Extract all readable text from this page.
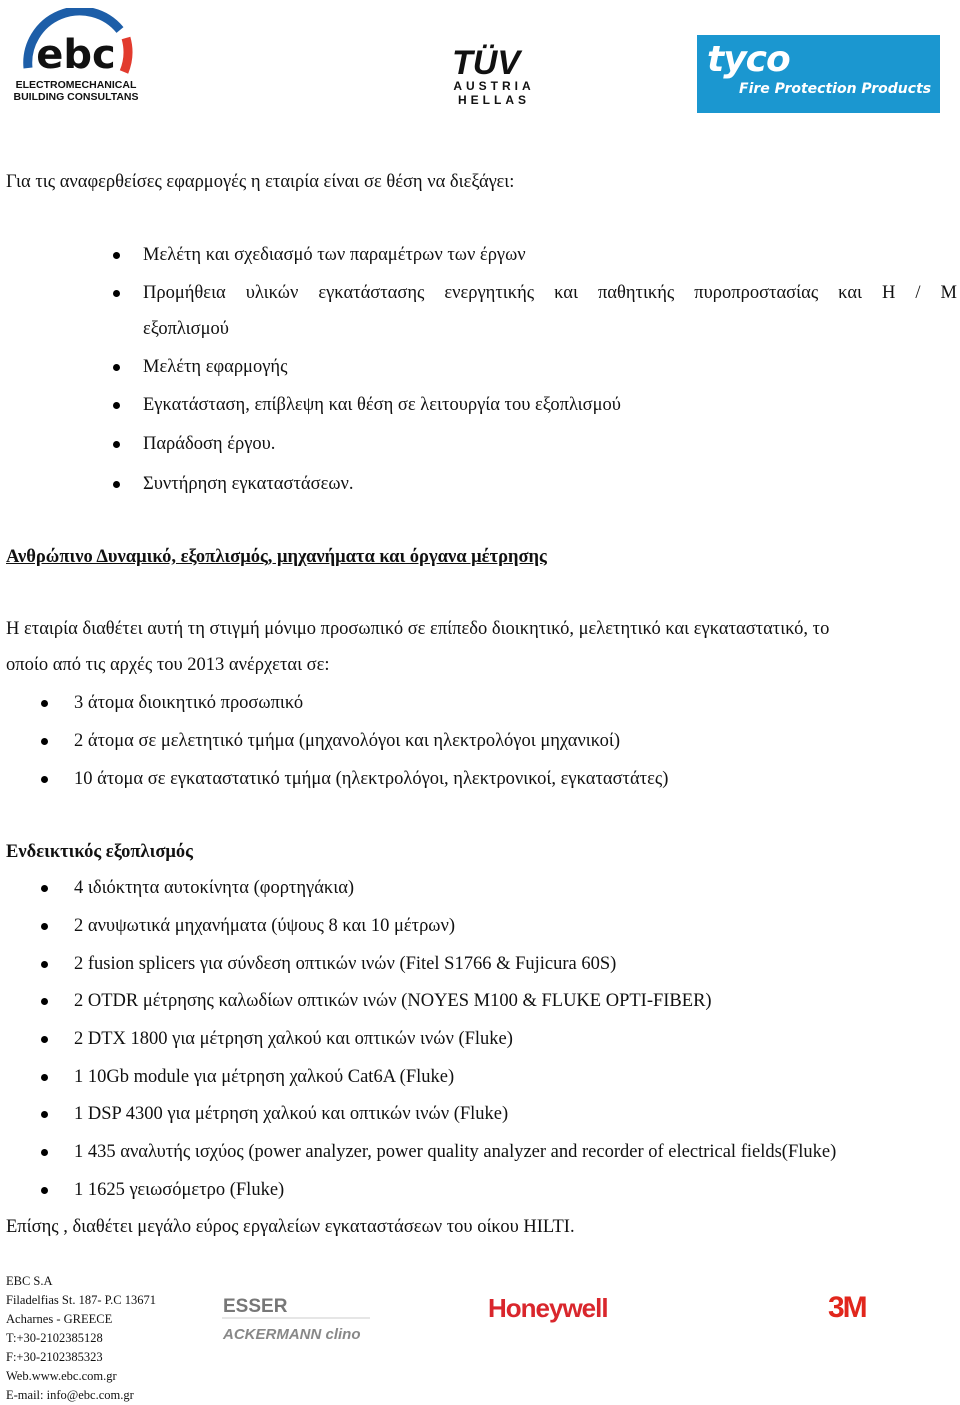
ebc
ELECTROMECHANICAL
BUILDING CONSULTANS
TÜV
AUSTRIA
HELLAS
tyco
Fire Protection Products
Για τις αναφερθείσες εφαρμογές η εταιρία είναι σε θέση να διεξάγει:
Μελέτη και σχεδιασμό των παραμέτρων των έργων
Προμήθεια υλικών εγκατάστασης ενεργητικής και παθητικής πυροπροστασίας και Η / Μ
εξοπλισμού
Μελέτη εφαρμογής
Εγκατάσταση, επίβλεψη και θέση σε λειτουργία του εξοπλισμού
Παράδοση έργου.
Συντήρηση εγκαταστάσεων.
Ανθρώπινο Δυναμικό, εξοπλισμός, μηχανήματα και όργανα μέτρησης
Η εταιρία διαθέτει αυτή τη στιγμή μόνιμο προσωπικό σε επίπεδο διοικητικό, μελετητικό και εγκαταστατικό, το
οποίο από τις αρχές του 2013 ανέρχεται σε:
3 άτομα διοικητικό προσωπικό
2 άτομα σε μελετητικό τμήμα (μηχανολόγοι και ηλεκτρολόγοι μηχανικοί)
10 άτομα σε εγκαταστατικό τμήμα (ηλεκτρολόγοι, ηλεκτρονικοί, εγκαταστάτες)
Ενδεικτικός εξοπλισμός
4 ιδιόκτητα αυτοκίνητα (φορτηγάκια)
2 ανυψωτικά μηχανήματα (ύψους 8 και 10 μέτρων)
2 fusion splicers για σύνδεση οπτικών ινών (Fitel S1766 & Fujicura 60S)
2 OTDR μέτρησης καλωδίων οπτικών ινών (NOYES M100 & FLUKE OPTI-FIBER)
2 DTX 1800 για μέτρηση χαλκού και οπτικών ινών (Fluke)
1 10Gb module για μέτρηση χαλκού Cat6A (Fluke)
1 DSP 4300 για μέτρηση χαλκού και οπτικών ινών (Fluke)
1 435 αναλυτής ισχύος (power analyzer, power quality analyzer and recorder of electrical fields(Fluke)
1 1625 γειωσόμετρο (Fluke)
Επίσης , διαθέτει μεγάλο εύρος εργαλείων εγκαταστάσεων του οίκου HILTI.
EBC S.A
Filadelfias St. 187- P.C 13671
Acharnes - GREECE
T:+30-2102385128
F:+30-2102385323
Web.www.ebc.com.gr
E-mail: info@ebc.com.gr
ESSER
ACKERMANN clino
Honeywell	3M
